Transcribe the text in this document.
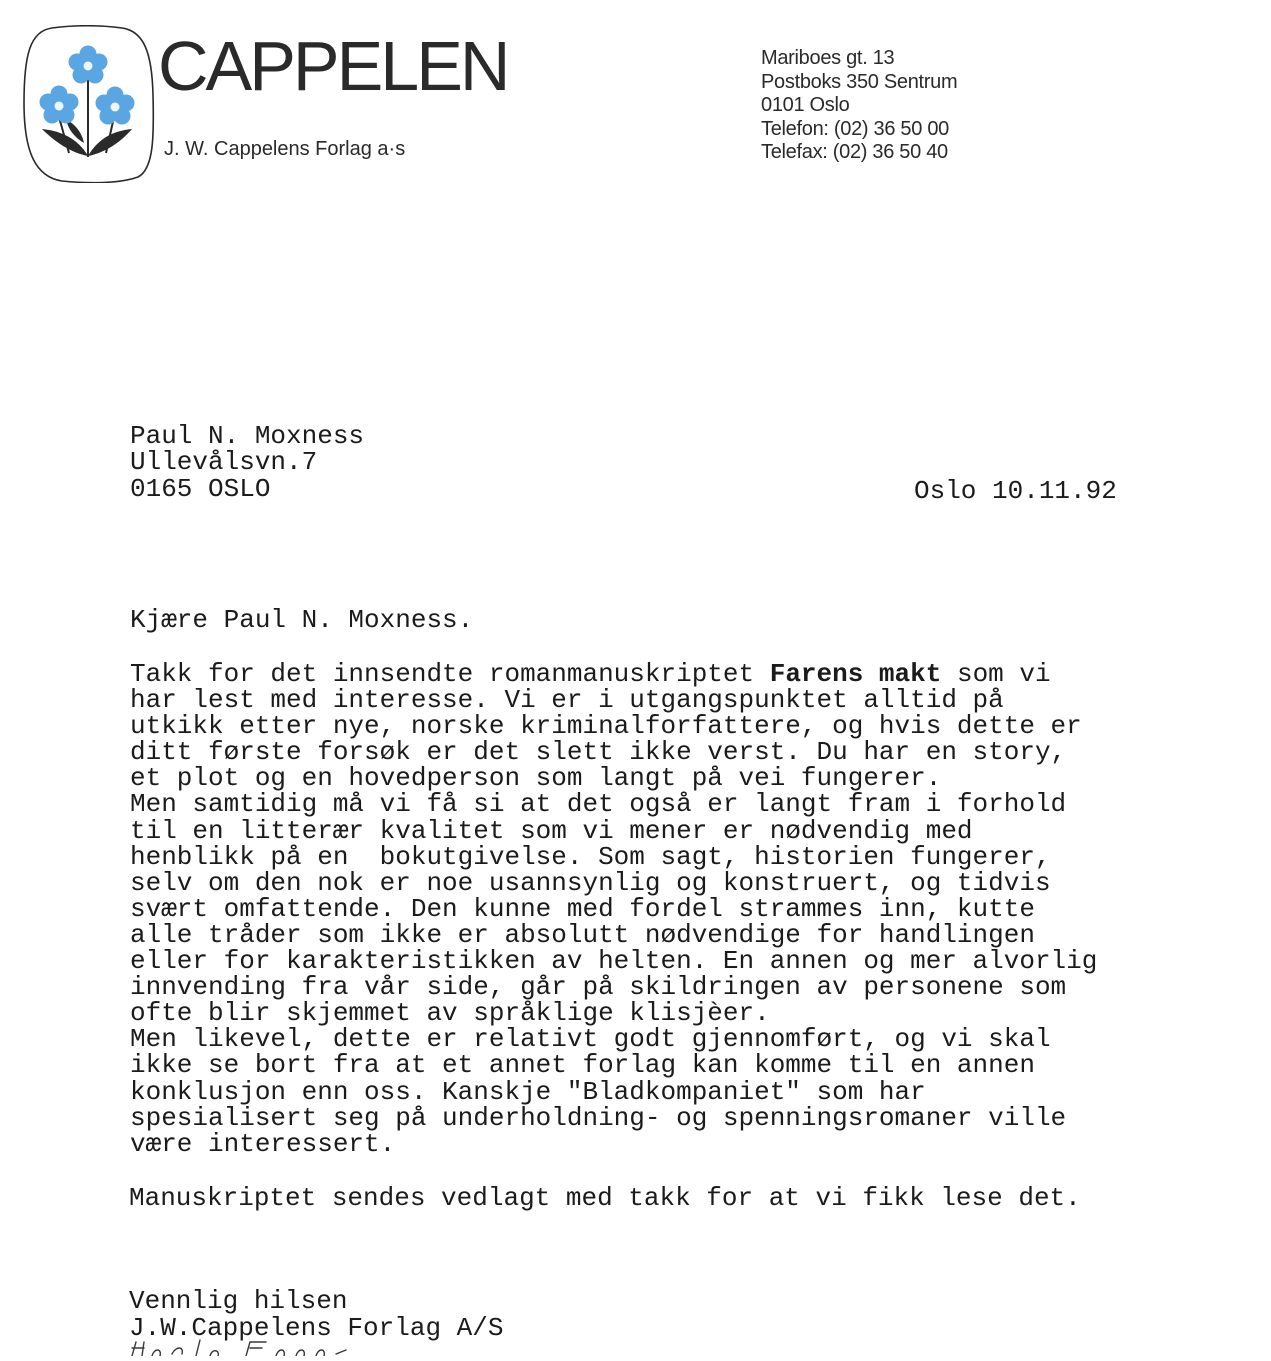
CAPPELEN
J. W. Cappelens Forlag a·s
Mariboes gt. 13
Postboks 350 Sentrum
0101 Oslo
Telefon: (02) 36 50 00
Telefax: (02) 36 50 40
Paul N. Moxness
Ullevålsvn.7
0165 OSLO	Oslo 10.11.92
Kjære Paul N. Moxness.
Takk for det innsendte romanmanuskriptet Farens makt som vi
har lest med interesse. Vi er i utgangspunktet alltid på
utkikk etter nye, norske kriminalforfattere, og hvis dette er
ditt første forsøk er det slett ikke verst. Du har en story,
et plot og en hovedperson som langt på vei fungerer.
Men samtidig må vi få si at det også er langt fram i forhold
til en litterær kvalitet som vi mener er nødvendig med
henblikk på en  bokutgivelse. Som sagt, historien fungerer,
selv om den nok er noe usannsynlig og konstruert, og tidvis
svært omfattende. Den kunne med fordel strammes inn, kutte
alle tråder som ikke er absolutt nødvendige for handlingen
eller for karakteristikken av helten. En annen og mer alvorlig
innvending fra vår side, går på skildringen av personene som
ofte blir skjemmet av språklige klisjèer.
Men likevel, dette er relativt godt gjennomført, og vi skal
ikke se bort fra at et annet forlag kan komme til en annen
konklusjon enn oss. Kanskje "Bladkompaniet" som har
spesialisert seg på underholdning- og spenningsromaner ville
være interessert.
Manuskriptet sendes vedlagt med takk for at vi fikk lese det.
Vennlig hilsen
J.W.Cappelens Forlag A/S
